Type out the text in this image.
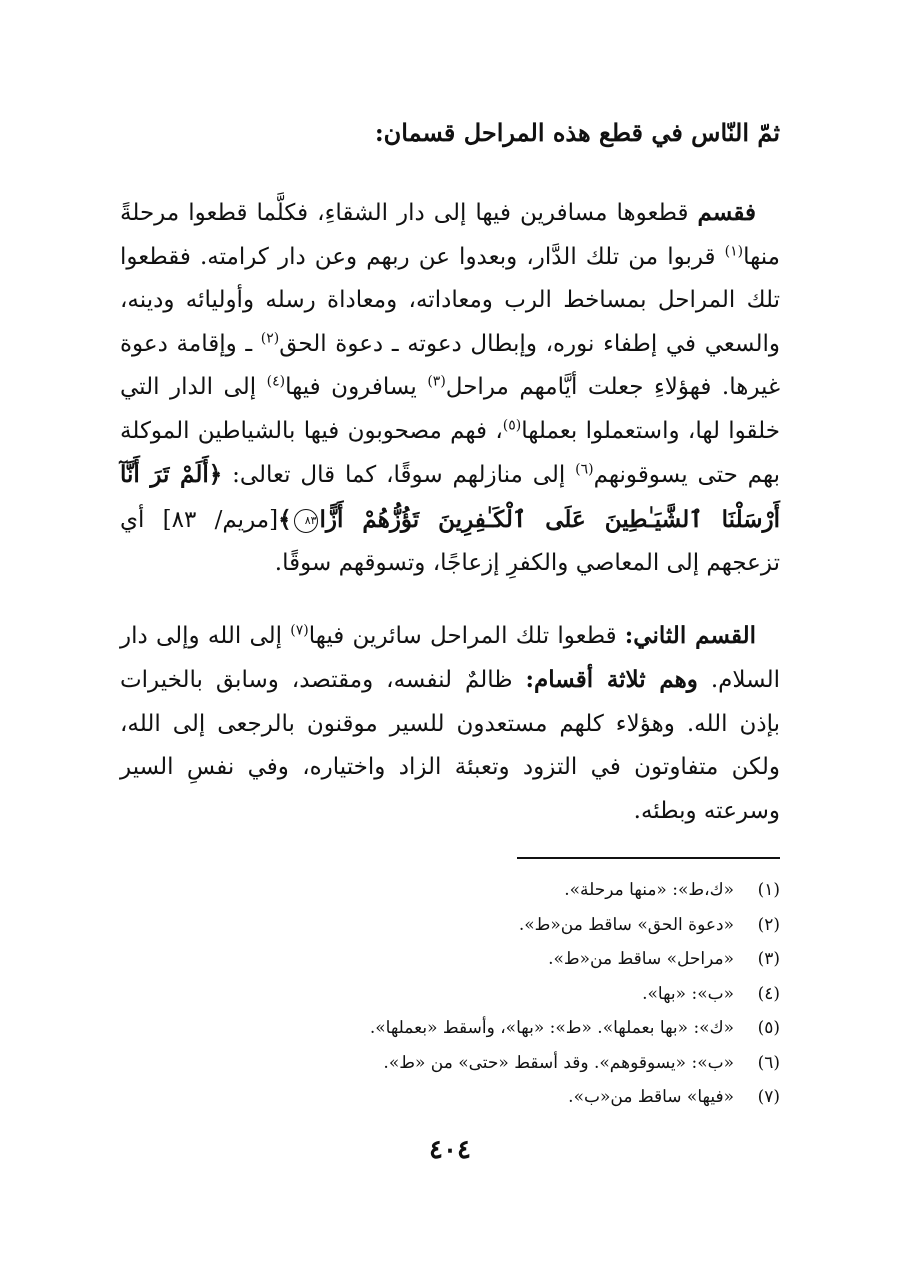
ثمّ النّاس في قطع هذه المراحل قسمان:

فقسم قطعوها مسافرين فيها إلى دار الشقاءِ، فكلَّما قطعوا مرحلةً منها$^{(١)}$ قربوا من تلك الدَّار، وبعدوا عن ربهم وعن دار كرامته. فقطعوا تلك المراحل بمساخط الرب ومعاداته، ومعاداة رسله وأوليائه ودينه، والسعي في إطفاء نوره، وإبطال دعوته ـ دعوة الحق$^{(٢)}$ ـ وإقامة دعوة غيرها. فهؤلاءِ جعلت أيَّامهم مراحل$^{(٣)}$ يسافرون فيها$^{(٤)}$ إلى الدار التي خلقوا لها، واستعملوا بعملها$^{(٥)}$، فهم مصحوبون فيها بالشياطين الموكلة بهم حتى يسوقونهم$^{(٦)}$ إلى منازلهم سوقًا، كما قال تعالى: ﴿أَلَمْ تَرَ أَنَّآ أَرْسَلْنَا ٱلشَّيَـٰطِينَ عَلَى ٱلْكَـٰفِرِينَ تَؤُزُّهُمْ أَزًّا٨٣﴾[مريم/ ٨٣] أي تزعجهم إلى المعاصي والكفرِ إزعاجًا، وتسوقهم سوقًا.

القسم الثاني: قطعوا تلك المراحل سائرين فيها$^{(٧)}$ إلى الله وإلى دار السلام. وهم ثلاثة أقسام: ظالمٌ لنفسه، ومقتصد، وسابق بالخيرات بإذن الله. وهؤلاء كلهم مستعدون للسير موقنون بالرجعى إلى الله، ولكن متفاوتون في التزود وتعبئة الزاد واختياره، وفي نفسِ السير وسرعته وبطئه.

(١)«ك،ط»: «منها مرحلة».
(٢)«دعوة الحق» ساقط من«ط».
(٣)«مراحل» ساقط من«ط».
(٤)«ب»: «بها».
(٥)«ك»: «بها بعملها». «ط»: «بها»، وأسقط «بعملها».
(٦)«ب»: «يسوقوهم». وقد أسقط «حتى» من «ط».
(٧)«فيها» ساقط من«ب».
٤٠٤
